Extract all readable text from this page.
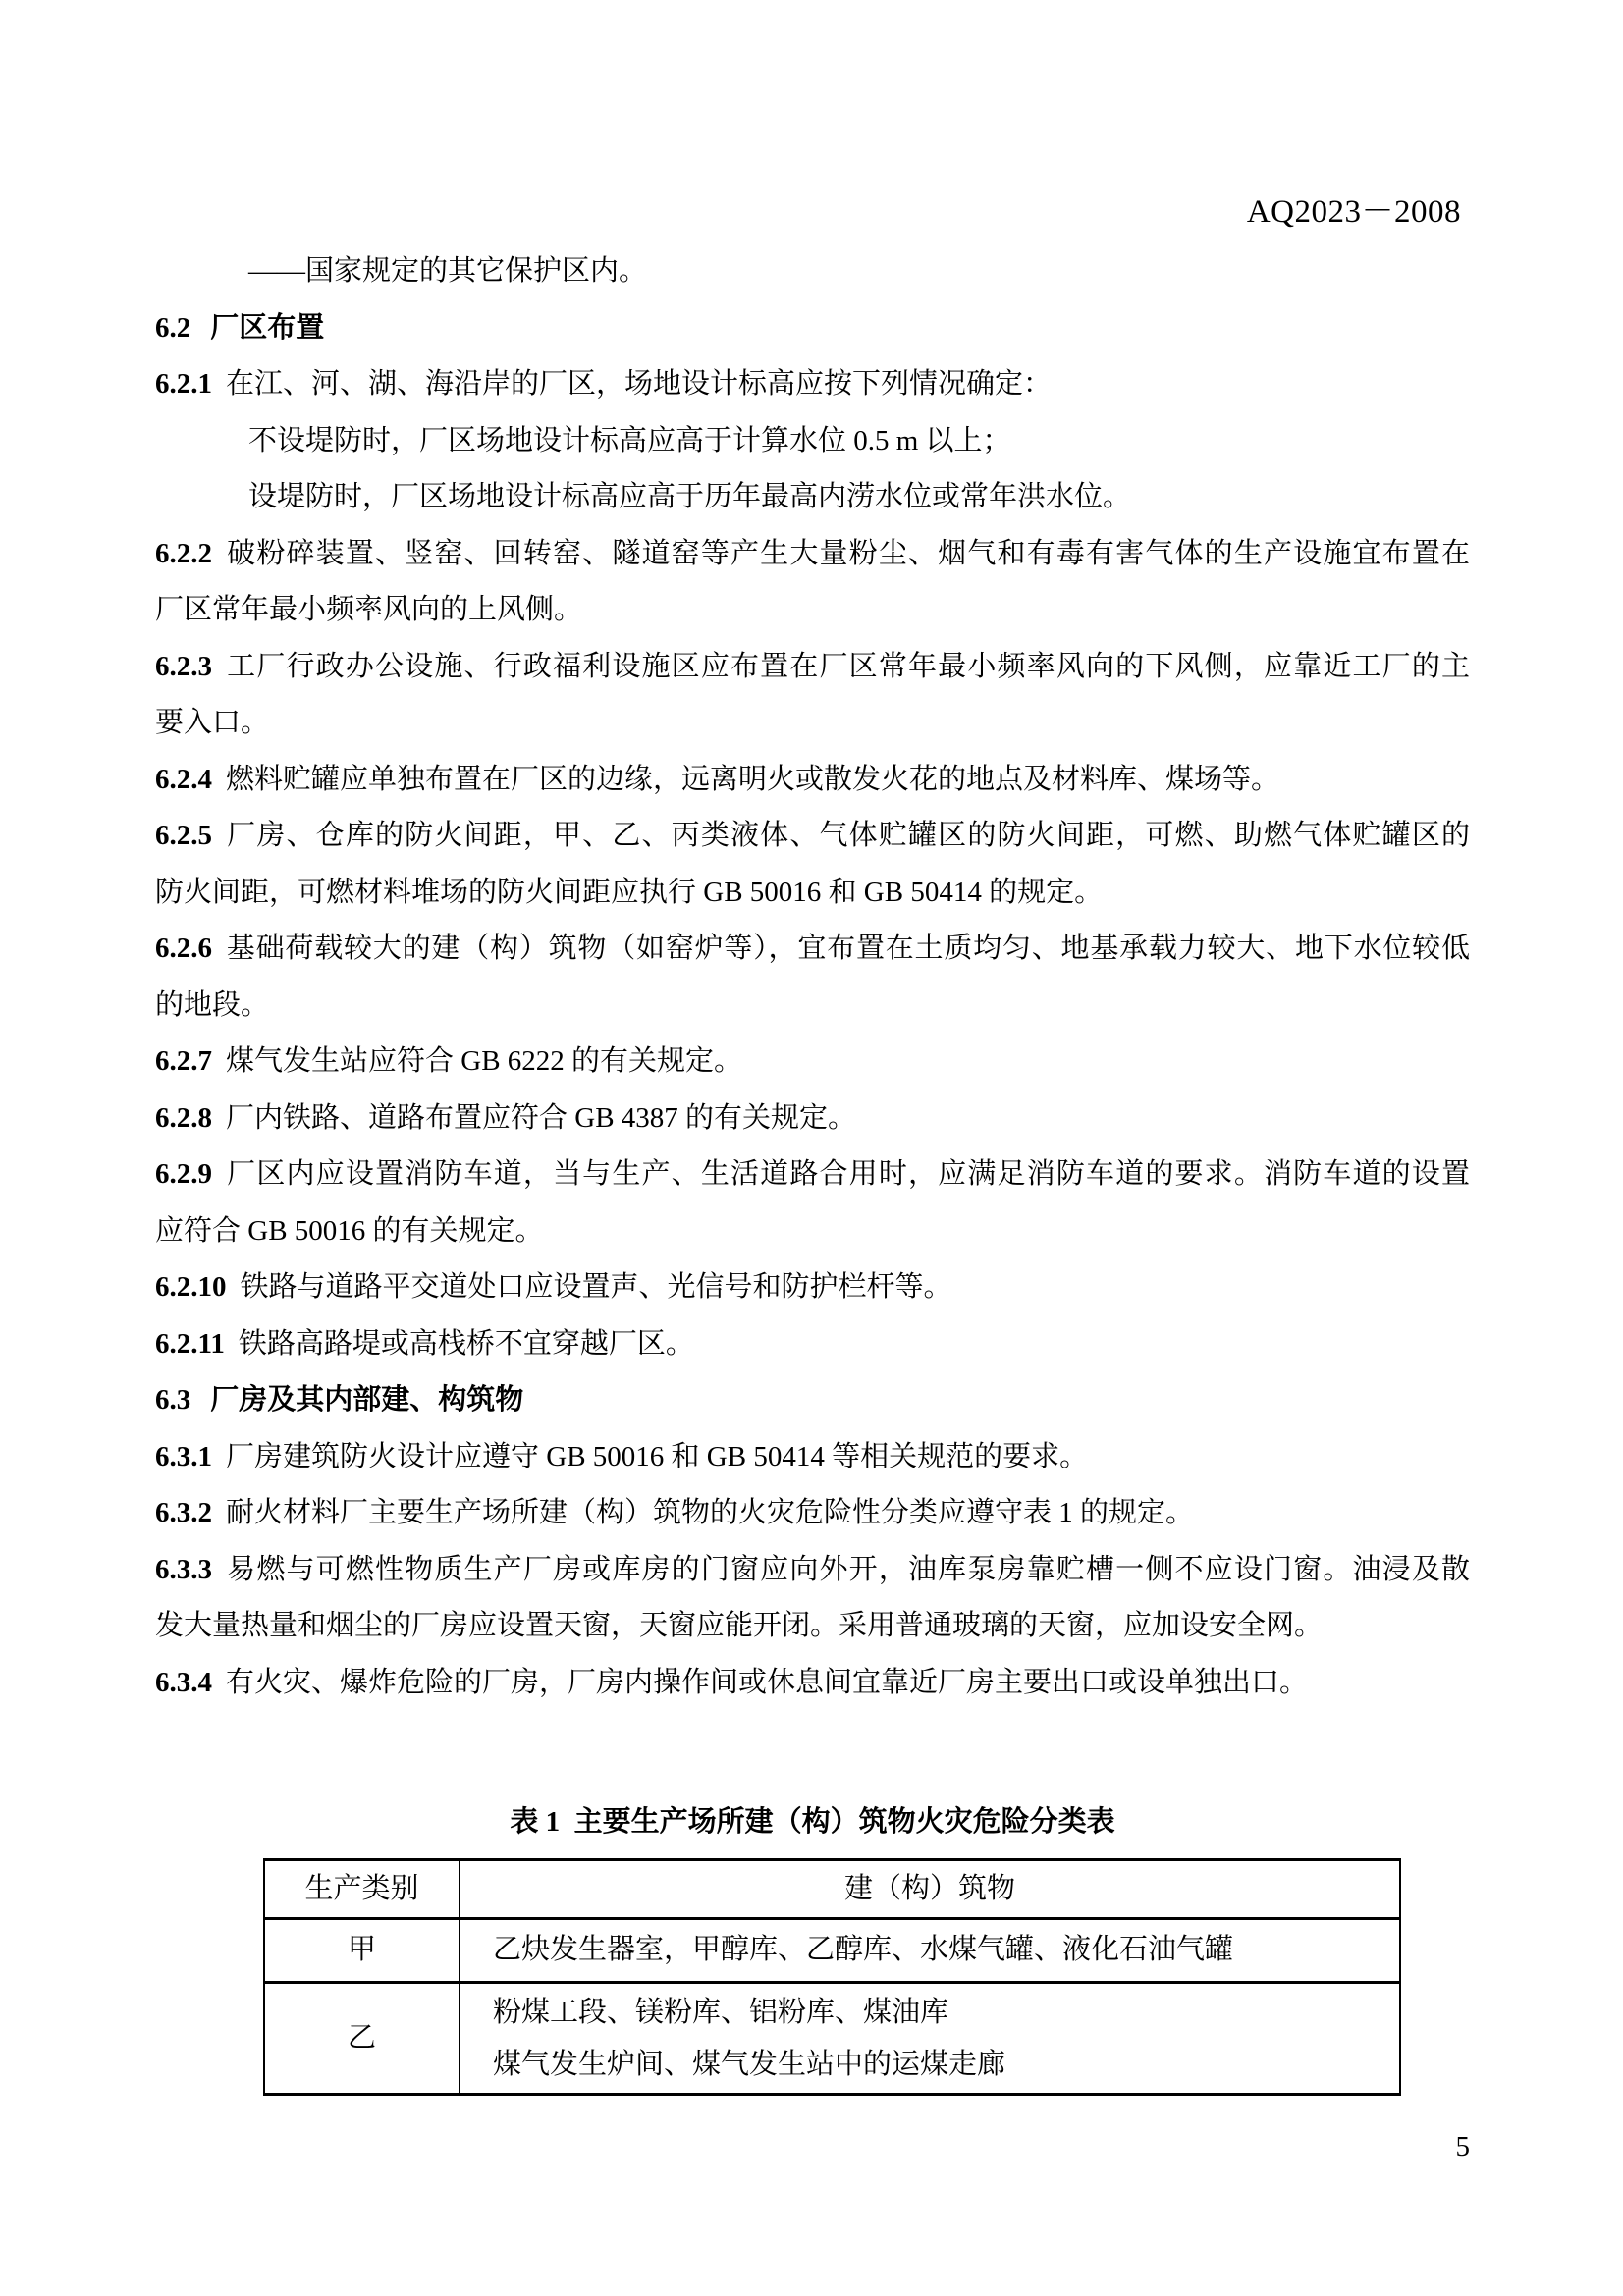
AQ2023－2008
——国家规定的其它保护区内。
6.2 厂区布置
6.2.1 在江、河、湖、海沿岸的厂区，场地设计标高应按下列情况确定：
不设堤防时，厂区场地设计标高应高于计算水位 0.5 m 以上；
设堤防时，厂区场地设计标高应高于历年最高内涝水位或常年洪水位。
6.2.2 破粉碎装置、竖窑、回转窑、隧道窑等产生大量粉尘、烟气和有毒有害气体的生产设施宜布置在
厂区常年最小频率风向的上风侧。
6.2.3 工厂行政办公设施、行政福利设施区应布置在厂区常年最小频率风向的下风侧，应靠近工厂的主
要入口。
6.2.4 燃料贮罐应单独布置在厂区的边缘，远离明火或散发火花的地点及材料库、煤场等。
6.2.5 厂房、仓库的防火间距，甲、乙、丙类液体、气体贮罐区的防火间距，可燃、助燃气体贮罐区的
防火间距，可燃材料堆场的防火间距应执行 GB 50016 和 GB 50414 的规定。
6.2.6 基础荷载较大的建（构）筑物（如窑炉等），宜布置在土质均匀、地基承载力较大、地下水位较低
的地段。
6.2.7 煤气发生站应符合 GB 6222 的有关规定。
6.2.8 厂内铁路、道路布置应符合 GB 4387 的有关规定。
6.2.9 厂区内应设置消防车道，当与生产、生活道路合用时，应满足消防车道的要求。消防车道的设置
应符合 GB 50016 的有关规定。
6.2.10 铁路与道路平交道处口应设置声、光信号和防护栏杆等。
6.2.11 铁路高路堤或高栈桥不宜穿越厂区。
6.3 厂房及其内部建、构筑物
6.3.1 厂房建筑防火设计应遵守 GB 50016 和 GB 50414 等相关规范的要求。
6.3.2 耐火材料厂主要生产场所建（构）筑物的火灾危险性分类应遵守表 1 的规定。
6.3.3 易燃与可燃性物质生产厂房或库房的门窗应向外开，油库泵房靠贮槽一侧不应设门窗。油浸及散
发大量热量和烟尘的厂房应设置天窗，天窗应能开闭。采用普通玻璃的天窗，应加设安全网。
6.3.4 有火灾、爆炸危险的厂房，厂房内操作间或休息间宜靠近厂房主要出口或设单独出口。
表 1  主要生产场所建（构）筑物火灾危险分类表
生产类别	建（构）筑物
甲	乙炔发生器室，甲醇库、乙醇库、水煤气罐、液化石油气罐
乙	粉煤工段、镁粉库、铝粉库、煤油库
煤气发生炉间、煤气发生站中的运煤走廊
5
